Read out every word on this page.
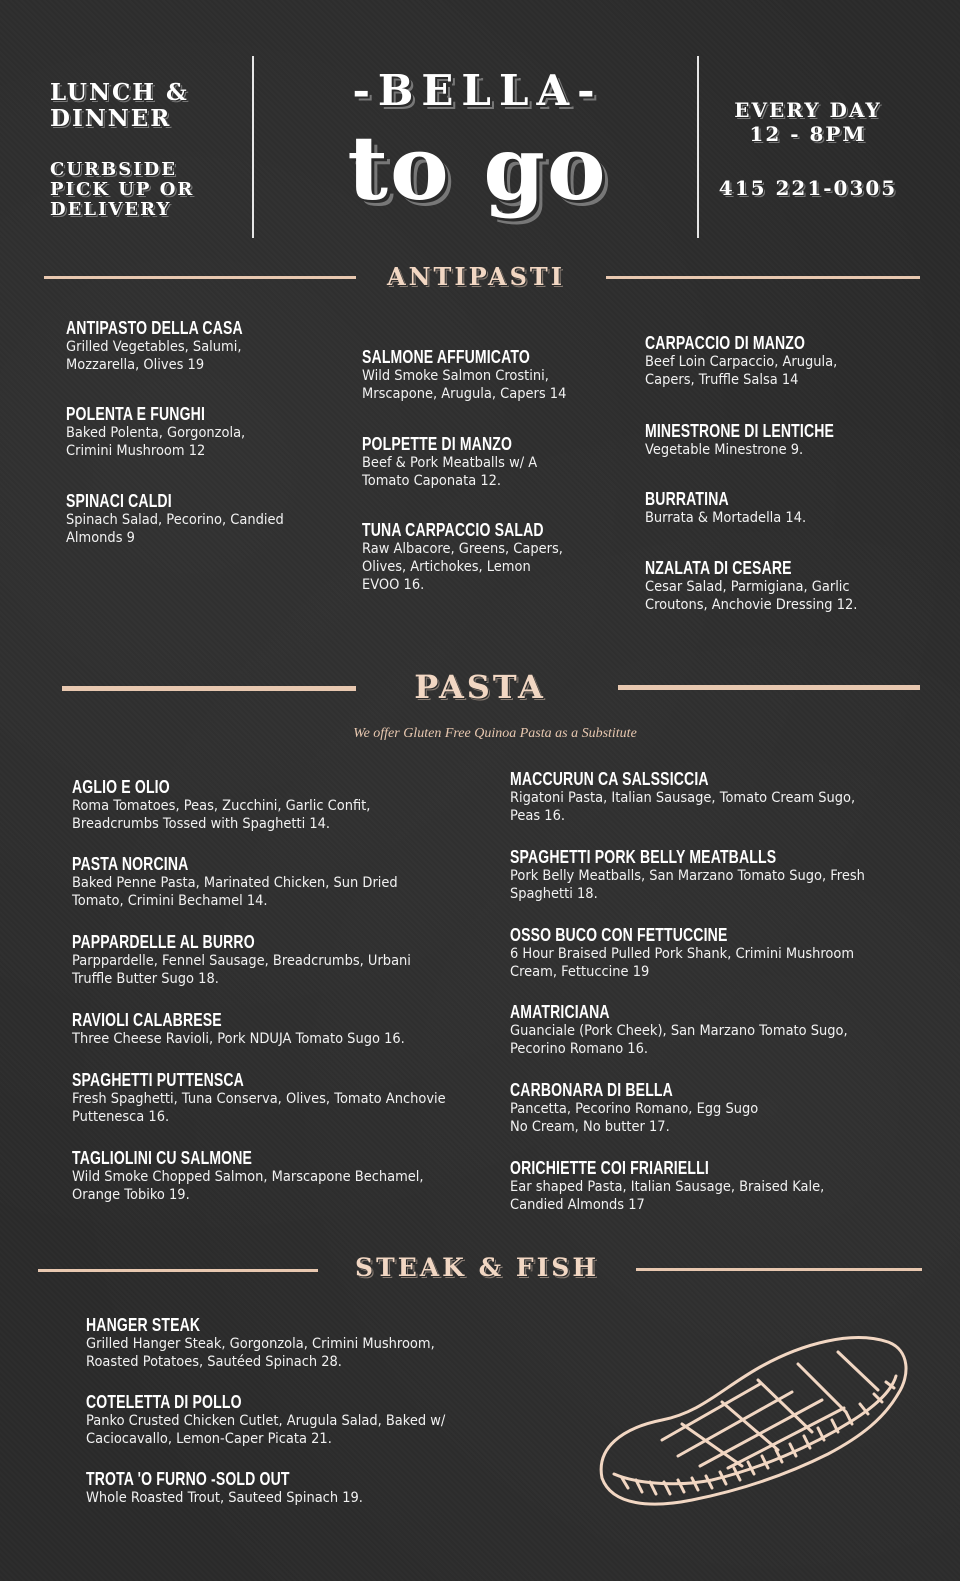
LUNCH &
DINNER
CURBSIDE
PICK UP OR
DELIVERY
-BELLA-
to go
EVERY DAY
12 - 8PM
415 221-0305
ANTIPASTI
ANTIPASTO DELLA CASA
Grilled Vegetables, Salumi,
Mozzarella, Olives 19
POLENTA E FUNGHI
Baked Polenta, Gorgonzola,
Crimini Mushroom 12
SPINACI CALDI
Spinach Salad, Pecorino, Candied
Almonds 9
SALMONE AFFUMICATO
Wild Smoke Salmon Crostini,
Mrscapone, Arugula, Capers 14
POLPETTE DI MANZO
Beef & Pork Meatballs w/ A
Tomato Caponata 12.
TUNA CARPACCIO SALAD
Raw Albacore, Greens, Capers,
Olives, Artichokes, Lemon
EVOO 16.
CARPACCIO DI MANZO
Beef Loin Carpaccio, Arugula,
Capers, Truffle Salsa 14
MINESTRONE DI LENTICHE
Vegetable Minestrone 9.
BURRATINA
Burrata & Mortadella 14.
NZALATA DI CESARE
Cesar Salad, Parmigiana, Garlic
Croutons, Anchovie Dressing 12.
PASTA
We offer Gluten Free Quinoa Pasta as a Substitute
AGLIO E OLIO
Roma Tomatoes, Peas, Zucchini, Garlic Confit,
Breadcrumbs Tossed with Spaghetti 14.
PASTA NORCINA
Baked Penne Pasta, Marinated Chicken, Sun Dried
Tomato, Crimini Bechamel 14.
PAPPARDELLE AL BURRO
Parppardelle, Fennel Sausage, Breadcrumbs, Urbani
Truffle Butter Sugo 18.
RAVIOLI CALABRESE
Three Cheese Ravioli, Pork NDUJA Tomato Sugo 16.
SPAGHETTI PUTTENSCA
Fresh Spaghetti, Tuna Conserva, Olives, Tomato Anchovie
Puttenesca 16.
TAGLIOLINI CU SALMONE
Wild Smoke Chopped Salmon, Marscapone Bechamel,
Orange Tobiko 19.
MACCURUN CA SALSSICCIA
Rigatoni Pasta, Italian Sausage, Tomato Cream Sugo,
Peas 16.
SPAGHETTI PORK BELLY MEATBALLS
Pork Belly Meatballs, San Marzano Tomato Sugo, Fresh
Spaghetti 18.
OSSO BUCO CON FETTUCCINE
6 Hour Braised Pulled Pork Shank, Crimini Mushroom
Cream, Fettuccine 19
AMATRICIANA
Guanciale (Pork Cheek), San Marzano Tomato Sugo,
Pecorino Romano 16.
CARBONARA DI BELLA
Pancetta, Pecorino Romano, Egg Sugo
No Cream, No butter 17.
ORICHIETTE COI FRIARIELLI
Ear shaped Pasta, Italian Sausage, Braised Kale,
Candied Almonds 17
STEAK & FISH
HANGER STEAK
Grilled Hanger Steak, Gorgonzola, Crimini Mushroom,
Roasted Potatoes, Sautéed Spinach 28.
COTELETTA DI POLLO
Panko Crusted Chicken Cutlet, Arugula Salad, Baked w/
Caciocavallo, Lemon-Caper Picata 21.
TROTA 'O FURNO -SOLD OUT
Whole Roasted Trout, Sauteed Spinach 19.
